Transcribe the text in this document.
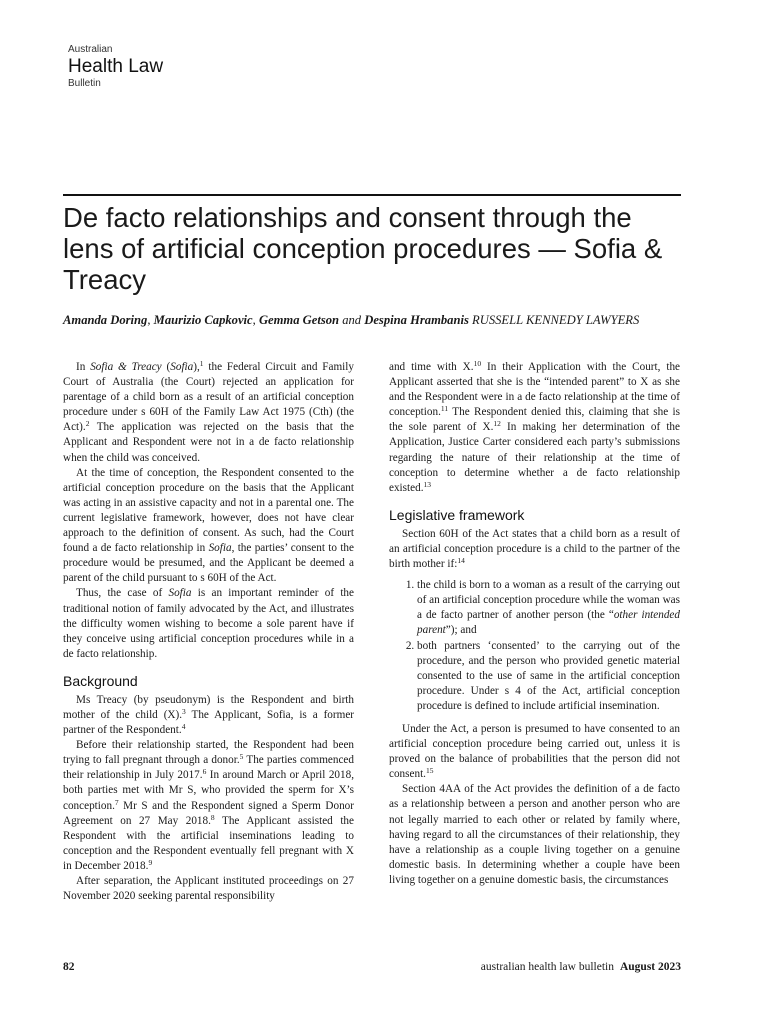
Australian
Health Law
Bulletin
De facto relationships and consent through the lens of artificial conception procedures — Sofia & Treacy
Amanda Doring, Maurizio Capkovic, Gemma Getson and Despina Hrambanis RUSSELL KENNEDY LAWYERS

In Sofia & Treacy (Sofia),$^1$ the Federal Circuit and Family Court of Australia (the Court) rejected an application for parentage of a child born as a result of an artificial conception procedure under s 60H of the Family Law Act 1975 (Cth) (the Act).$^2$ The application was rejected on the basis that the Applicant and Respondent were not in a de facto relationship when the child was conceived.

At the time of conception, the Respondent consented to the artificial conception procedure on the basis that the Applicant was acting in an assistive capacity and not in a parental one. The current legislative framework, however, does not have clear approach to the definition of consent. As such, had the Court found a de facto relationship in Sofia, the parties’ consent to the procedure would be presumed, and the Applicant be deemed a parent of the child pursuant to s 60H of the Act.

Thus, the case of Sofia is an important reminder of the traditional notion of family advocated by the Act, and illustrates the difficulty women wishing to become a sole parent have if they conceive using artificial conception procedures while in a de facto relationship.

Background

Ms Treacy (by pseudonym) is the Respondent and birth mother of the child (X).$^3$ The Applicant, Sofia, is a former partner of the Respondent.$^4$

Before their relationship started, the Respondent had been trying to fall pregnant through a donor.$^5$ The parties commenced their relationship in July 2017.$^6$ In around March or April 2018, both parties met with Mr S, who provided the sperm for X’s conception.$^7$ Mr S and the Respondent signed a Sperm Donor Agreement on 27 May 2018.$^8$ The Applicant assisted the Respondent with the artificial inseminations leading to conception and the Respondent eventually fell pregnant with X in December 2018.$^9$

After separation, the Applicant instituted proceedings on 27 November 2020 seeking parental responsibility

and time with X.$^{10}$ In their Application with the Court, the Applicant asserted that she is the “intended parent” to X as she and the Respondent were in a de facto relationship at the time of conception.$^{11}$ The Respondent denied this, claiming that she is the sole parent of X.$^{12}$ In making her determination of the Application, Justice Carter considered each party’s submissions regarding the nature of their relationship at the time of conception to determine whether a de facto relationship existed.$^{13}$

Legislative framework

Section 60H of the Act states that a child born as a result of an artificial conception procedure is a child to the partner of the birth mother if:$^{14}$

1. the child is born to a woman as a result of the carrying out of an artificial conception procedure while the woman was a de facto partner of another person (the “other intended parent”); and
2. both partners ‘consented’ to the carrying out of the procedure, and the person who provided genetic material consented to the use of same in the artificial conception procedure. Under s 4 of the Act, artificial conception procedure is defined to include artificial insemination.

Under the Act, a person is presumed to have consented to an artificial conception procedure being carried out, unless it is proved on the balance of probabilities that the person did not consent.$^{15}$

Section 4AA of the Act provides the definition of a de facto as a relationship between a person and another person who are not legally married to each other or related by family where, having regard to all the circumstances of their relationship, they have a relationship as a couple living together on a genuine domestic basis. In determining whether a couple have been living together on a genuine domestic basis, the circumstances

82	australian health law bulletin August 2023
